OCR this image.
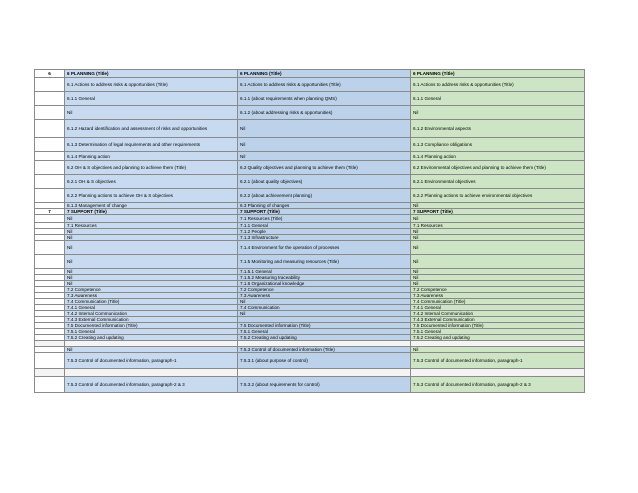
6	6 PLANNING (Title)	6 PLANNING (Title)	6 PLANNING (Title)
	6.1 Actions to address risks & opportunities (Title)	6.1 Actions to address risks & opportunities (Title)	6.1 Actions to address risks & opportunities (Title)
	6.1.1 General	6.1.1 (about requirements when planning QMS)	6.1.1 General
	Nil	6.1.2 (about addressing risks & opportunities)	Nil
	6.1.2 Hazard identification and assessment of risks and opportunities	Nil	6.1.2 Environmental aspects
	6.1.3 Determination of legal requirements and other requirements	Nil	6.1.3 Compliance obligations
	6.1.4 Planning action	Nil	6.1.4 Planning action
	6.2 OH & S objectives and planning to achieve them (Title)	6.2 Quality objectives and planning to achieve them (Title)	6.2 Environmental objectives and planning to achieve them (Title)
	6.2.1 OH & S objectives	6.2.1 (about quality objectives)	6.2.1 Environmental objectives
	6.2.2 Planning actions to achieve OH & S objectives	6.2.2 (about achievement planning)	6.2.2 Planning actions to achieve environmental objectives
	8.1.3 Management of change	6.3 Planning of changes	Nil
7	7 SUPPORT (Title)	7 SUPPORT (Title)	7 SUPPORT (Title)
	Nil	7.1 Resources (Title)	Nil
	7.1 Resources	7.1.1 General	7.1 Resources
	Nil	7.1.2 People	Nil
	Nil	7.1.3 Infrastructure	Nil
	Nil	7.1.4 Environment for the operation of processes	Nil
	Nil	7.1.5 Monitoring and measuring resources (Title)	Nil
	Nil	7.1.5.1 General	Nil
	Nil	7.1.5.2 Measuring traceability	Nil
	Nil	7.1.6 Organizational knowledge	Nil
	7.2 Competence	7.2 Competence	7.2 Competence
	7.3 Awareness	7.3 Awareness	7.3 Awareness
	7.4 Communication (Title)	Nil	7.4 Communication (Title)
	7.4.1 General	7.4 Communication	7.4.1 General
	7.4.2 Internal Communication	Nil	7.4.2 Internal Communication
	7.4.3 External Communication		7.4.3 External Communication
	7.5 Documented information (Title)	7.5 Documented information (Title)	7.5 Documented information (Title)
	7.5.1 General	7.5.1 General	7.5.1 General
	7.5.2 Creating and updating	7.5.2 Creating and updating	7.5.2 Creating and updating

	Nil	7.5.3 Control of documented information (Title)	Nil
	7.5.3 Control of documented information, paragraph-1	7.5.3.1 (about purpose of control)	7.5.3 Control of documented information, paragraph-1

	7.5.3 Control of documented information, paragraph-2 & 3	7.5.3.2 (about requirements for control)	7.5.3 Control of documented information, paragraph-2 & 3
